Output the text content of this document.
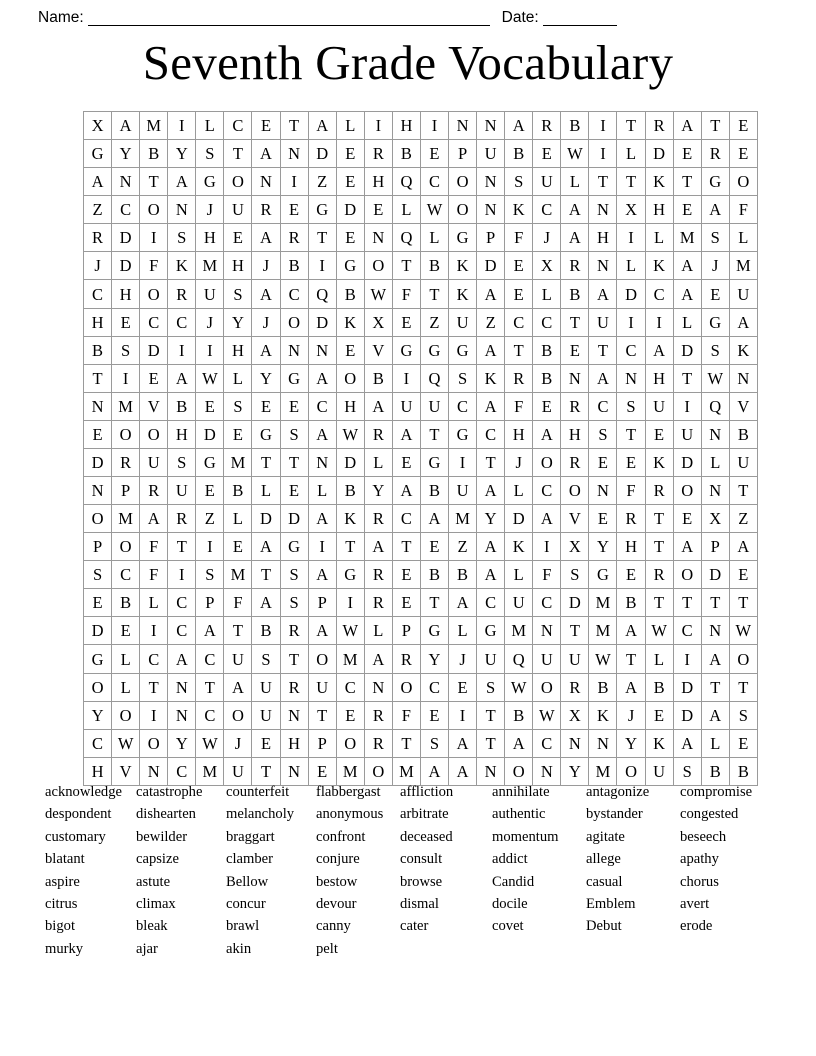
Name:	Date:
Seventh Grade Vocabulary
X	A	M	I	L	C	E	T	A	L	I	H	I	N	N	A	R	B	I	T	R	A	T	E
G	Y	B	Y	S	T	A	N	D	E	R	B	E	P	U	B	E	W	I	L	D	E	R	E
A	N	T	A	G	O	N	I	Z	E	H	Q	C	O	N	S	U	L	T	T	K	T	G	O
Z	C	O	N	J	U	R	E	G	D	E	L	W	O	N	K	C	A	N	X	H	E	A	F
R	D	I	S	H	E	A	R	T	E	N	Q	L	G	P	F	J	A	H	I	L	M	S	L
J	D	F	K	M	H	J	B	I	G	O	T	B	K	D	E	X	R	N	L	K	A	J	M
C	H	O	R	U	S	A	C	Q	B	W	F	T	K	A	E	L	B	A	D	C	A	E	U
H	E	C	C	J	Y	J	O	D	K	X	E	Z	U	Z	C	C	T	U	I	I	L	G	A
B	S	D	I	I	H	A	N	N	E	V	G	G	G	A	T	B	E	T	C	A	D	S	K
T	I	E	A	W	L	Y	G	A	O	B	I	Q	S	K	R	B	N	A	N	H	T	W	N
N	M	V	B	E	S	E	E	C	H	A	U	U	C	A	F	E	R	C	S	U	I	Q	V
E	O	O	H	D	E	G	S	A	W	R	A	T	G	C	H	A	H	S	T	E	U	N	B
D	R	U	S	G	M	T	T	N	D	L	E	G	I	T	J	O	R	E	E	K	D	L	U
N	P	R	U	E	B	L	E	L	B	Y	A	B	U	A	L	C	O	N	F	R	O	N	T
O	M	A	R	Z	L	D	D	A	K	R	C	A	M	Y	D	A	V	E	R	T	E	X	Z
P	O	F	T	I	E	A	G	I	T	A	T	E	Z	A	K	I	X	Y	H	T	A	P	A
S	C	F	I	S	M	T	S	A	G	R	E	B	B	A	L	F	S	G	E	R	O	D	E
E	B	L	C	P	F	A	S	P	I	R	E	T	A	C	U	C	D	M	B	T	T	T	T
D	E	I	C	A	T	B	R	A	W	L	P	G	L	G	M	N	T	M	A	W	C	N	W
G	L	C	A	C	U	S	T	O	M	A	R	Y	J	U	Q	U	U	W	T	L	I	A	O
O	L	T	N	T	A	U	R	U	C	N	O	C	E	S	W	O	R	B	A	B	D	T	T
Y	O	I	N	C	O	U	N	T	E	R	F	E	I	T	B	W	X	K	J	E	D	A	S
C	W	O	Y	W	J	E	H	P	O	R	T	S	A	T	A	C	N	N	Y	K	A	L	E
H	V	N	C	M	U	T	N	E	M	O	M	A	A	N	O	N	Y	M	O	U	S	B	B
acknowledge
despondent
customary
blatant
aspire
citrus
bigot
murky
catastrophe
dishearten
bewilder
capsize
astute
climax
bleak
ajar
counterfeit
melancholy
braggart
clamber
Bellow
concur
brawl
akin
flabbergast
anonymous
confront
conjure
bestow
devour
canny
pelt
affliction
arbitrate
deceased
consult
browse
dismal
cater
annihilate
authentic
momentum
addict
Candid
docile
covet
antagonize
bystander
agitate
allege
casual
Emblem
Debut
compromise
congested
beseech
apathy
chorus
avert
erode
